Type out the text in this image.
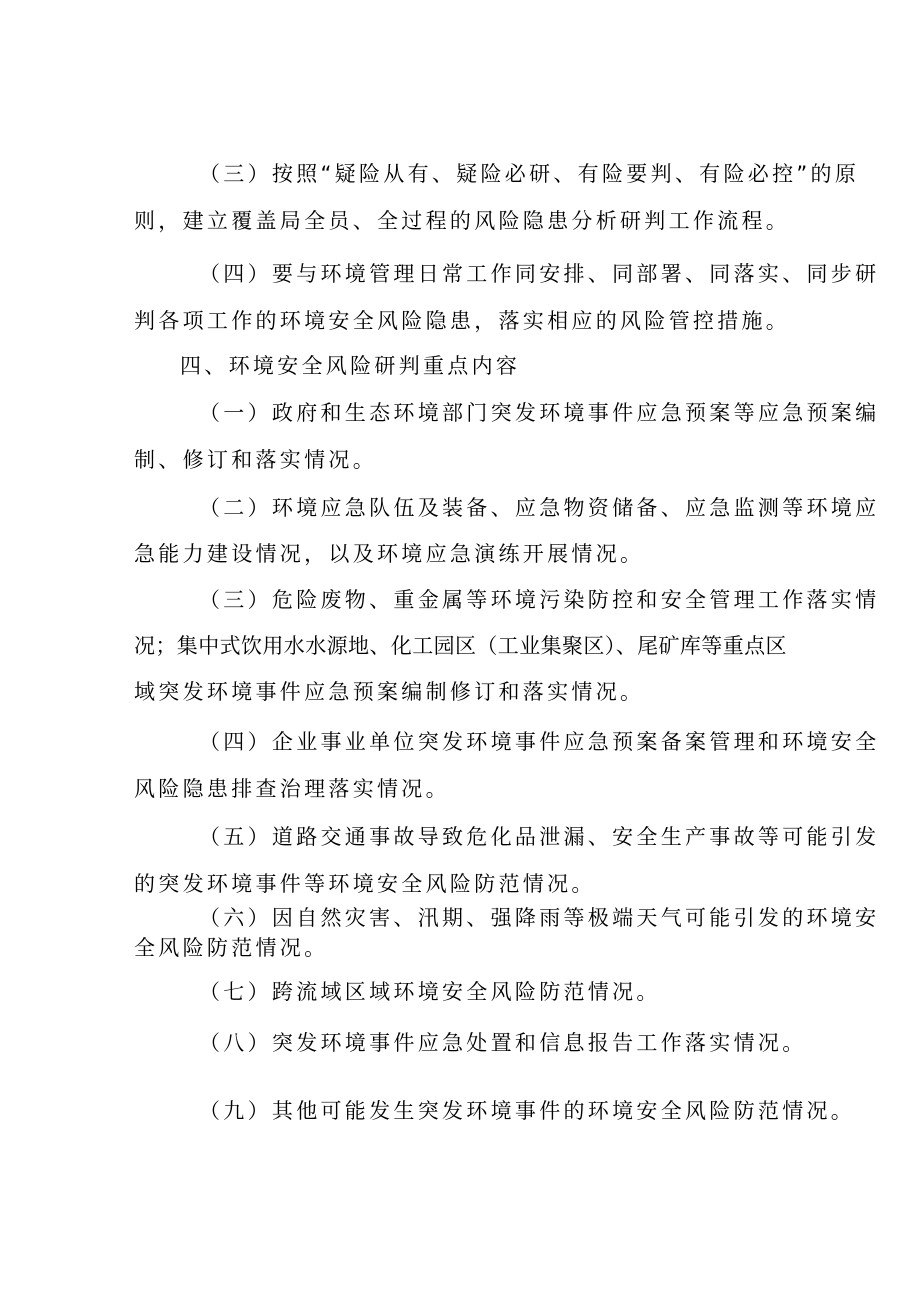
（三）按照“疑险从有、疑险必研、有险要判、有险必控”的原

则，建立覆盖局全员、全过程的风险隐患分析研判工作流程。

（四）要与环境管理日常工作同安排、同部署、同落实、同步研

判各项工作的环境安全风险隐患，落实相应的风险管控措施。

四、环境安全风险研判重点内容

（一）政府和生态环境部门突发环境事件应急预案等应急预案编

制、修订和落实情况。

（二）环境应急队伍及装备、应急物资储备、应急监测等环境应

急能力建设情况，以及环境应急演练开展情况。

（三）危险废物、重金属等环境污染防控和安全管理工作落实情

况；集中式饮用水水源地、化工园区（工业集聚区）、尾矿库等重点区

域突发环境事件应急预案编制修订和落实情况。

（四）企业事业单位突发环境事件应急预案备案管理和环境安全

风险隐患排查治理落实情况。

（五）道路交通事故导致危化品泄漏、安全生产事故等可能引发

的突发环境事件等环境安全风险防范情况。

（六）因自然灾害、汛期、强降雨等极端天气可能引发的环境安

全风险防范情况。

（七）跨流域区域环境安全风险防范情况。

（八）突发环境事件应急处置和信息报告工作落实情况。

（九）其他可能发生突发环境事件的环境安全风险防范情况。
